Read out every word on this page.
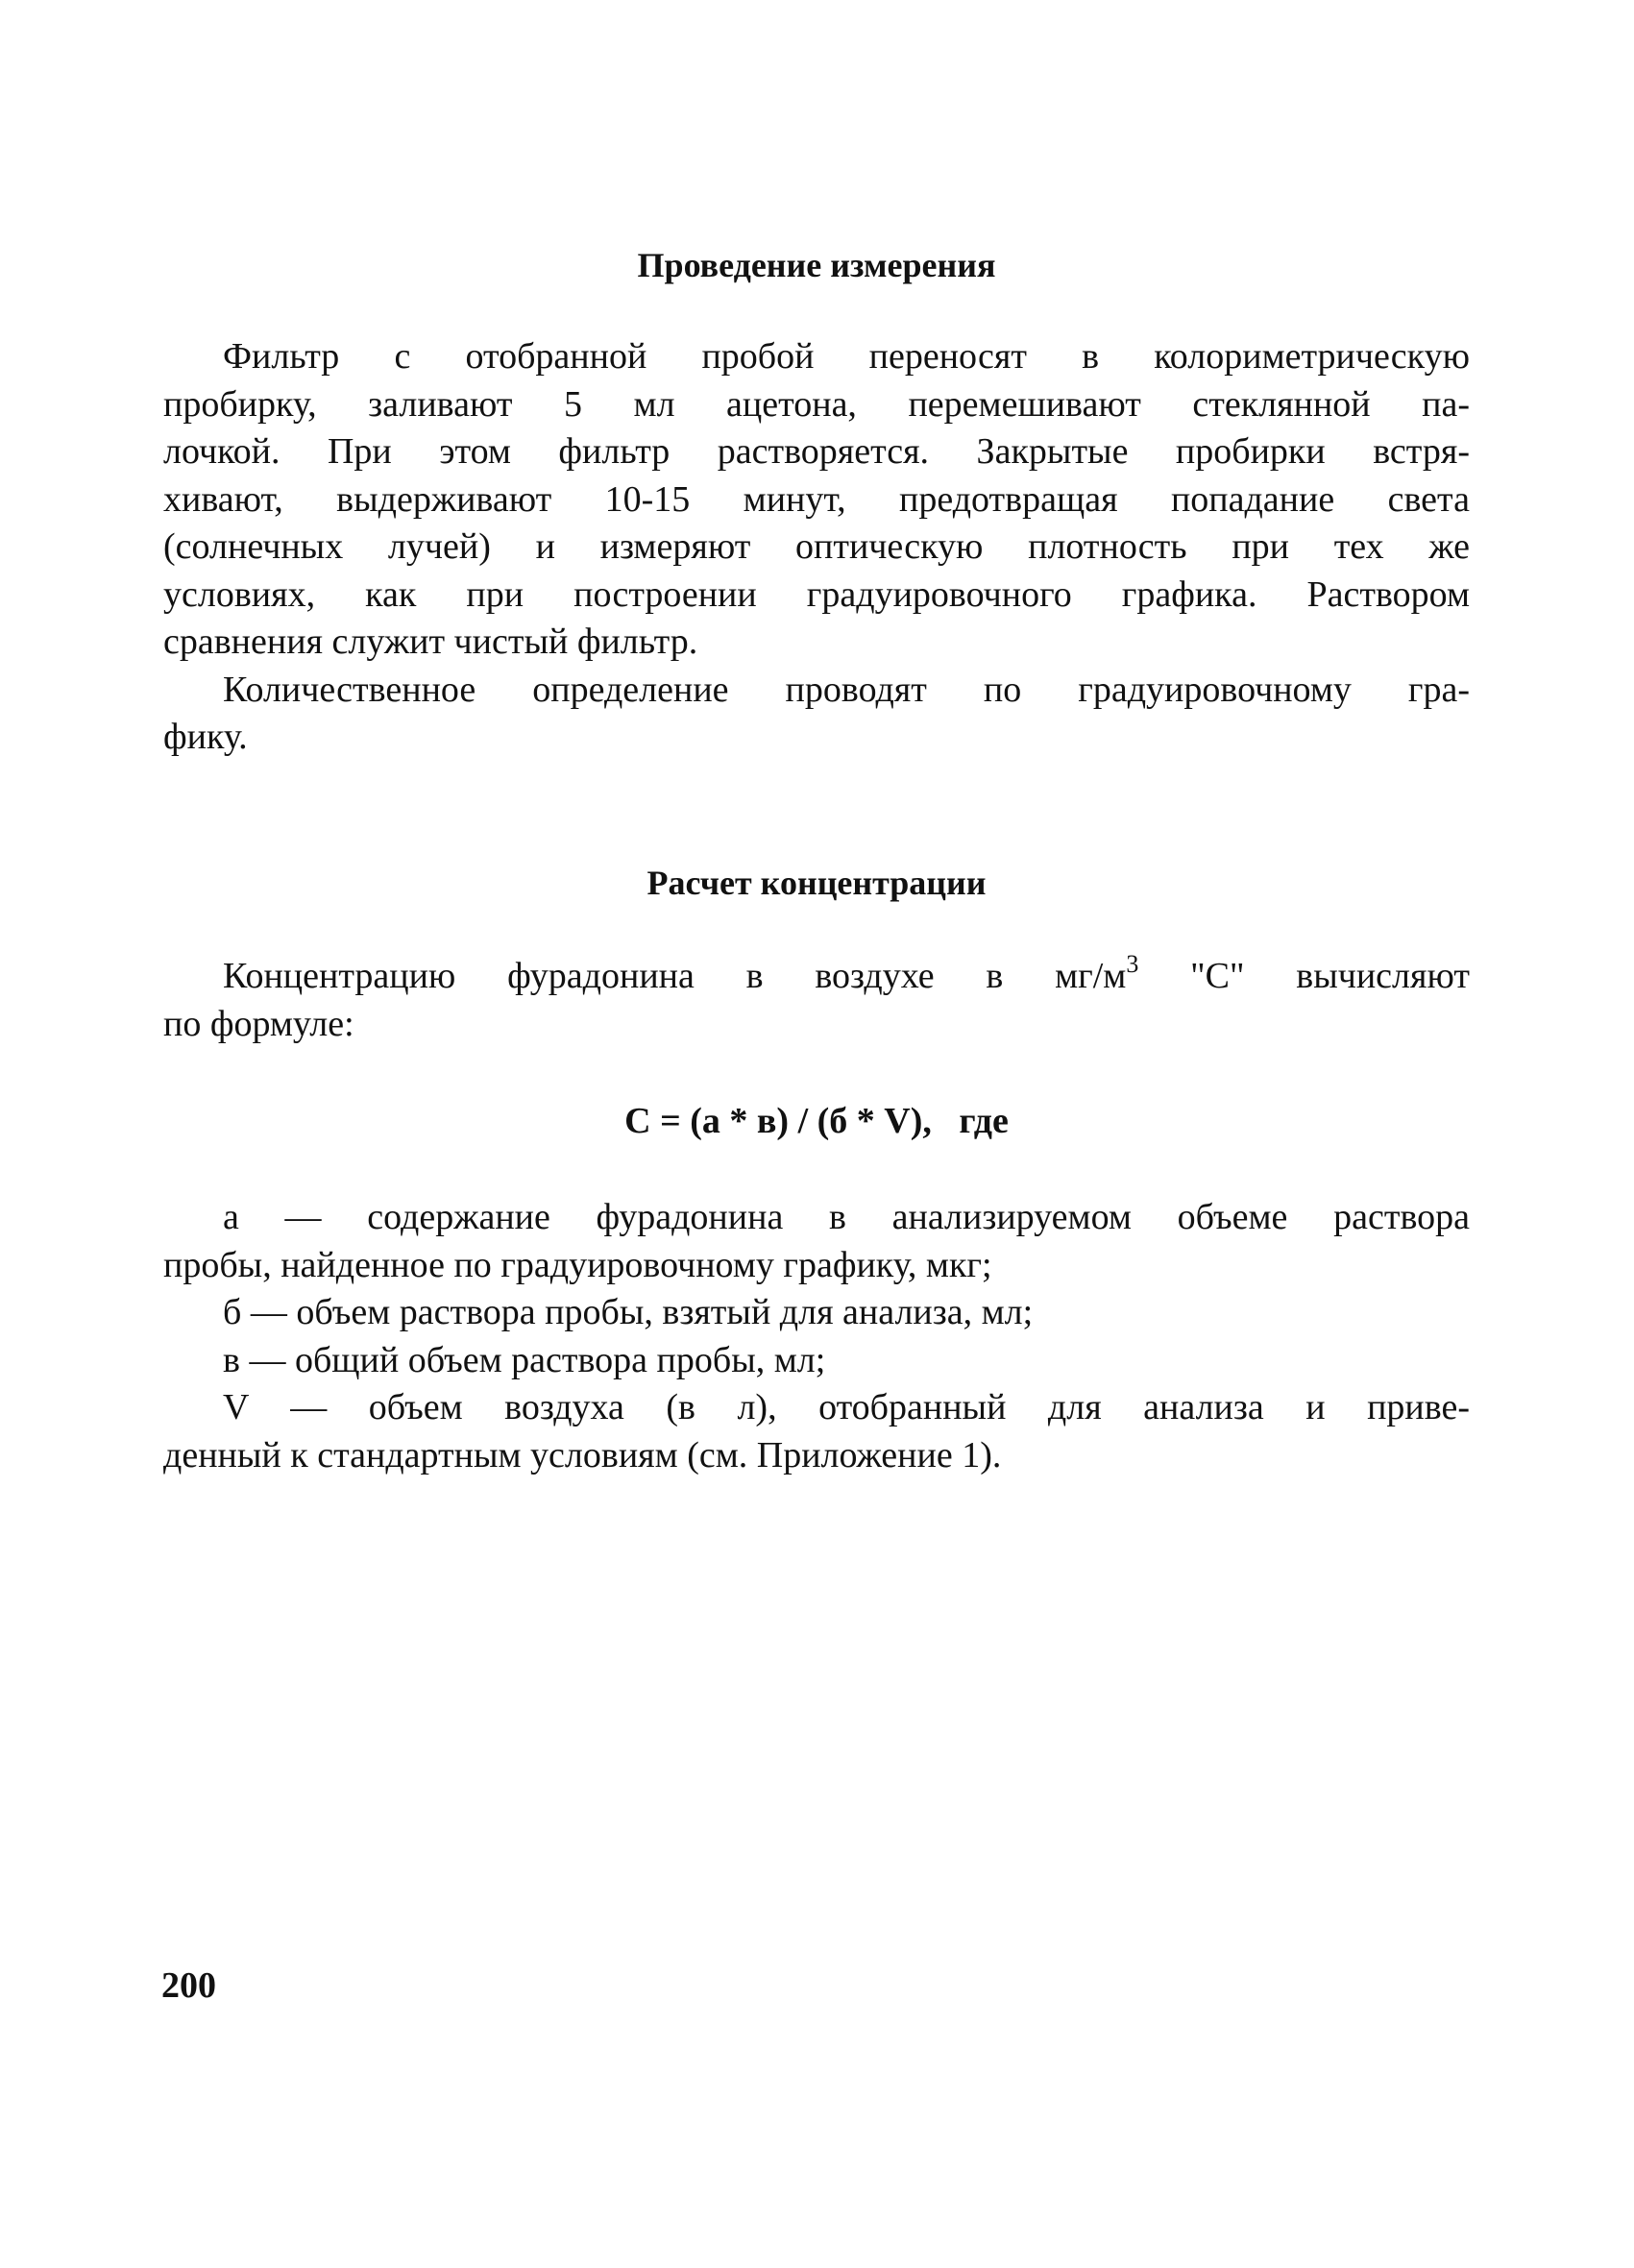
Проведение измерения

Фильтр с отобранной пробой переносят в колориметрическую
пробирку, заливают 5 мл ацетона, перемешивают стеклянной па-
лочкой. При этом фильтр растворяется. Закрытые пробирки встря-
хивают, выдерживают 10-15 минут, предотвращая попадание света
(солнечных лучей) и измеряют оптическую плотность при тех же
условиях, как при построении градуировочного графика. Раствором
сравнения служит чистый фильтр.

Количественное определение проводят по градуировочному гра-
фику.

Расчет концентрации

Концентрацию фурадонина в воздухе в $мг/м^3$ "С" вычисляют
по формуле:

С = (а * в) / (б * V),   где

а — содержание фурадонина в анализируемом объеме раствора
пробы, найденное по градуировочному графику, мкг;

б — объем раствора пробы, взятый для анализа, мл;

в — общий объем раствора пробы, мл;

V — объем воздуха (в л), отобранный для анализа и приве-
денный к стандартным условиям (см. Приложение 1).

200
